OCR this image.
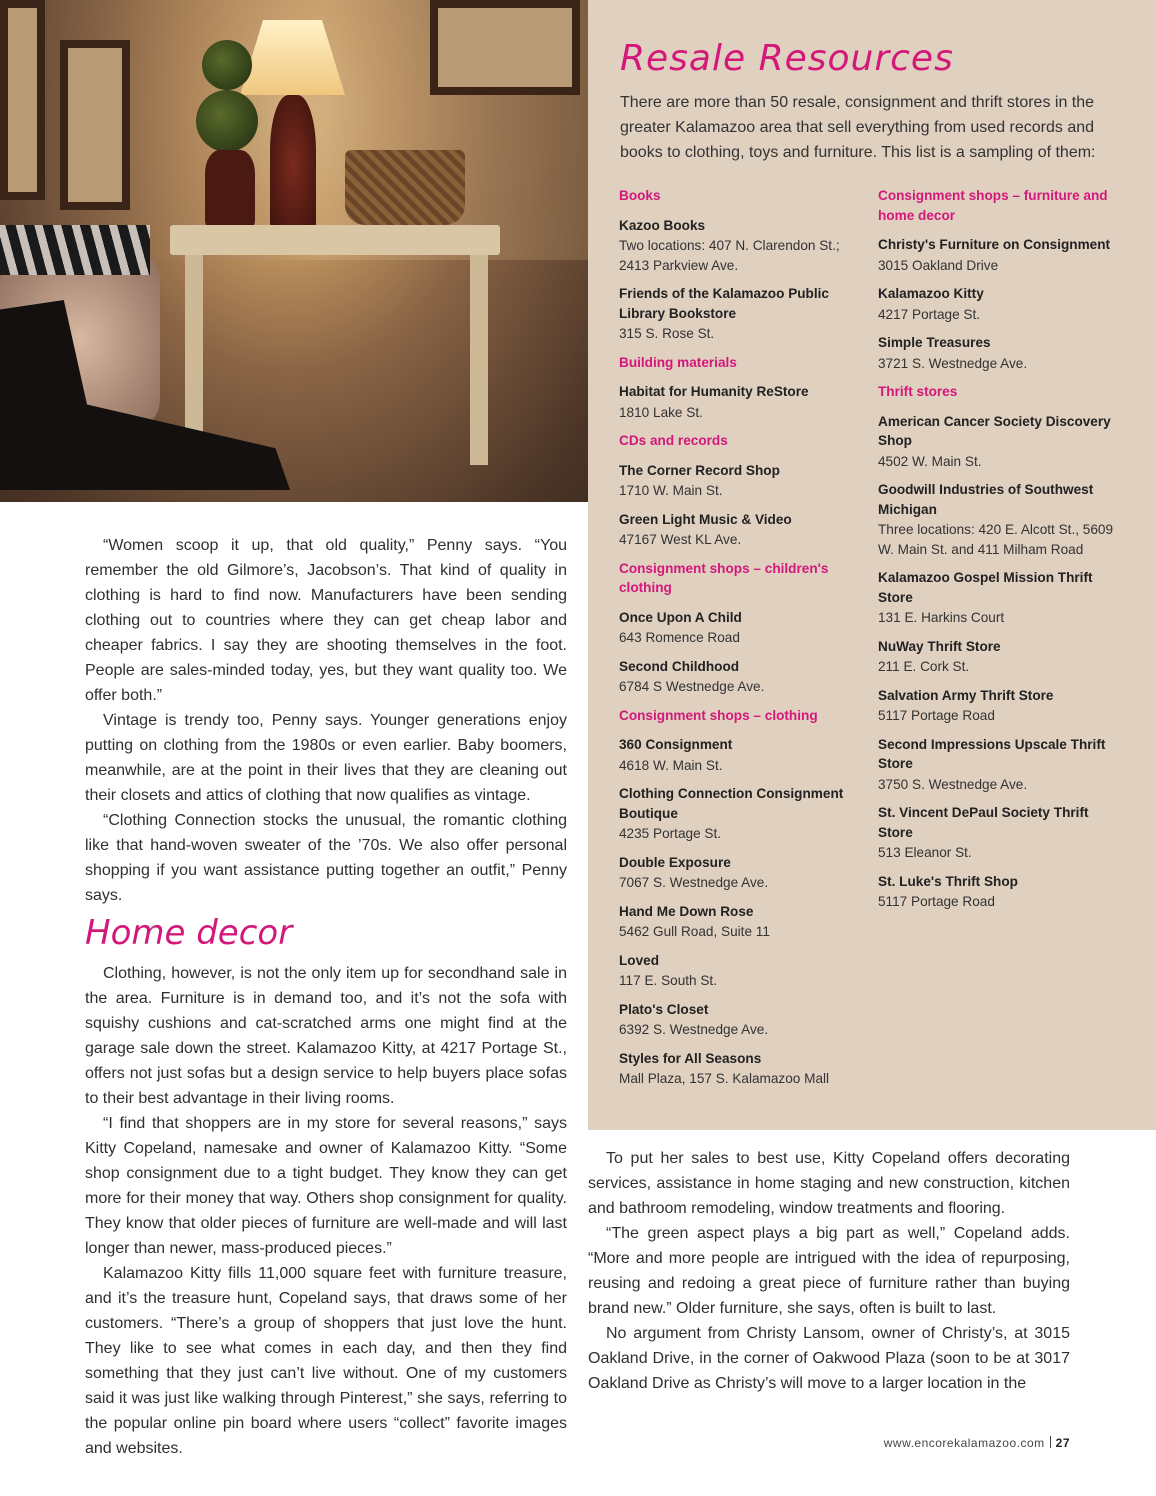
Resale Resources
There are more than 50 resale, consignment and thrift stores in the greater Kalamazoo area that sell everything from used records and books to clothing, toys and furniture. This list is a sampling of them:
Books
Kazoo Books
Two locations: 407 N. Clarendon St.; 2413 Parkview Ave.
Friends of the Kalamazoo Public Library Bookstore
315 S. Rose St.
Building materials
Habitat for Humanity ReStore
1810 Lake St.
CDs and records
The Corner Record Shop
1710 W. Main St.
Green Light Music & Video
47167 West KL Ave.
Consignment shops – children's clothing
Once Upon A Child
643 Romence Road
Second Childhood
6784 S Westnedge Ave.
Consignment shops – clothing
360 Consignment
4618 W. Main St.
Clothing Connection Consignment Boutique
4235 Portage St.
Double Exposure
7067 S. Westnedge Ave.
Hand Me Down Rose
5462 Gull Road, Suite 11
Loved
117 E. South St.
Plato's Closet
6392 S. Westnedge Ave.
Styles for All Seasons
Mall Plaza, 157 S. Kalamazoo Mall
Consignment shops – furniture and home decor
Christy's Furniture on Consignment
3015 Oakland Drive
Kalamazoo Kitty
4217 Portage St.
Simple Treasures
3721 S. Westnedge Ave.
Thrift stores
American Cancer Society Discovery Shop
4502 W. Main St.
Goodwill Industries of Southwest Michigan
Three locations: 420 E. Alcott St., 5609 W. Main St. and 411 Milham Road
Kalamazoo Gospel Mission Thrift Store
131 E. Harkins Court
NuWay Thrift Store
211 E. Cork St.
Salvation Army Thrift Store
5117 Portage Road
Second Impressions Upscale Thrift Store
3750 S. Westnedge Ave.
St. Vincent DePaul Society Thrift Store
513 Eleanor St.
St. Luke's Thrift Shop
5117 Portage Road

“Women scoop it up, that old quality,” Penny says. “You remember the old Gilmore’s, Jacobson’s. That kind of quality in clothing is hard to find now. Manufacturers have been sending clothing out to countries where they can get cheap labor and cheaper fabrics. I say they are shooting themselves in the foot. People are sales-minded today, yes, but they want quality too. We offer both.”

Vintage is trendy too, Penny says. Younger generations enjoy putting on clothing from the 1980s or even earlier. Baby boomers, meanwhile, are at the point in their lives that they are cleaning out their closets and attics of clothing that now qualifies as vintage.

“Clothing Connection stocks the unusual, the romantic clothing like that hand-woven sweater of the ’70s. We also offer personal shopping if you want assistance putting together an outfit,” Penny says.

Home decor

Clothing, however, is not the only item up for secondhand sale in the area. Furniture is in demand too, and it’s not the sofa with squishy cushions and cat-scratched arms one might find at the garage sale down the street. Kalamazoo Kitty, at 4217 Portage St., offers not just sofas but a design service to help buyers place sofas to their best advantage in their living rooms.

“I find that shoppers are in my store for several reasons,” says Kitty Copeland, namesake and owner of Kalamazoo Kitty. “Some shop consignment due to a tight budget. They know they can get more for their money that way. Others shop consignment for quality. They know that older pieces of furniture are well-made and will last longer than newer, mass-produced pieces.”

Kalamazoo Kitty fills 11,000 square feet with furniture treasure, and it’s the treasure hunt, Copeland says, that draws some of her customers. “There’s a group of shoppers that just love the hunt. They like to see what comes in each day, and then they find something that they just can’t live without. One of my customers said it was just like walking through Pinterest,” she says, referring to the popular online pin board where users “collect” favorite images and websites.

To put her sales to best use, Kitty Copeland offers decorating services, assistance in home staging and new construction, kitchen and bathroom remodeling, window treatments and flooring.

“The green aspect plays a big part as well,” Copeland adds. “More and more people are intrigued with the idea of repurposing, reusing and redoing a great piece of furniture rather than buying brand new.” Older furniture, she says, often is built to last.

No argument from Christy Lansom, owner of Christy’s, at 3015 Oakland Drive, in the corner of Oakwood Plaza (soon to be at 3017 Oakland Drive as Christy’s will move to a larger location in the

www.encorekalamazoo.com 27
